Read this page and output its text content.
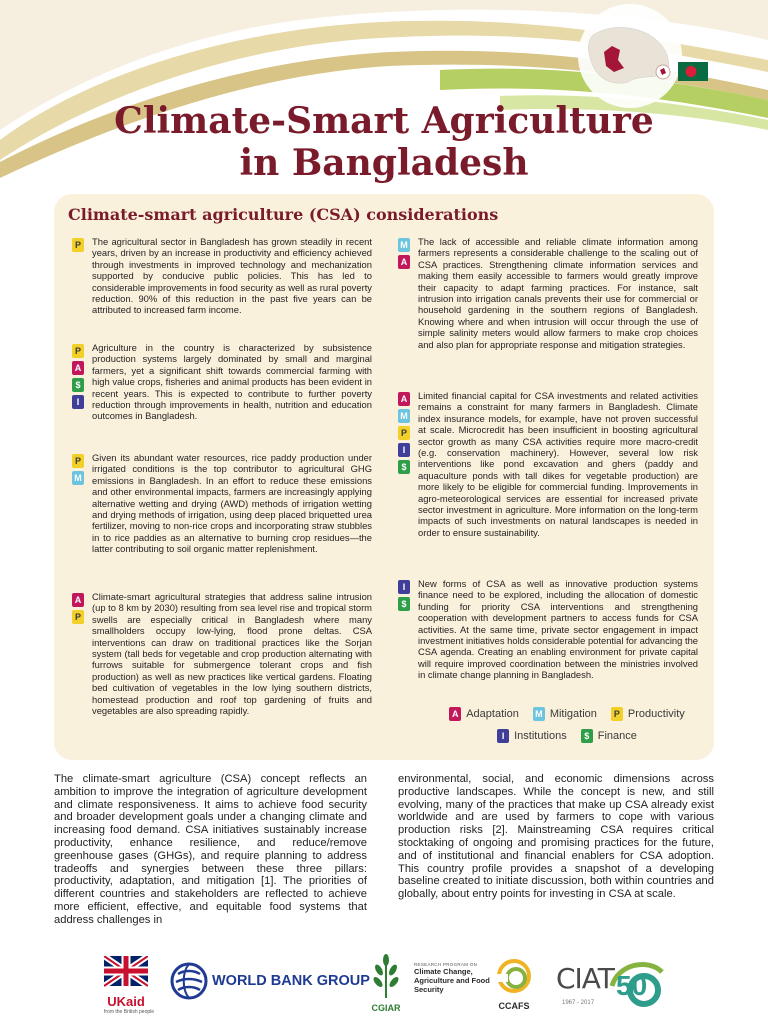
Climate-Smart Agriculture
in Bangladesh
Climate-smart agriculture (CSA) considerations
P	The agricultural sector in Bangladesh has grown steadily in recent years, driven by an increase in productivity and efficiency achieved through investments in improved technology and mechanization supported by conducive public policies. This has led to considerable improvements in food security as well as rural poverty reduction. 90% of this reduction in the past five years can be attributed to increased farm income.

P
A
$
I

Agriculture in the country is characterized by subsistence production systems largely dominated by small and marginal farmers, yet a significant shift towards commercial farming with high value crops, fisheries and animal products has been evident in recent years. This is expected to contribute to further poverty reduction through improvements in health, nutrition and education outcomes in Bangladesh.

P
M

Given its abundant water resources, rice paddy production under irrigated conditions is the top contributor to agricultural GHG emissions in Bangladesh. In an effort to reduce these emissions and other environmental impacts, farmers are increasingly applying alternative wetting and drying (AWD) methods of irrigation wetting and drying methods of irrigation, using deep placed briquetted urea fertilizer, moving to non-rice crops and incorporating straw stubbles in to rice paddies as an alternative to burning crop residues—the latter contributing to soil organic matter replenishment.

A
P

Climate-smart agricultural strategies that address saline intrusion (up to 8 km by 2030) resulting from sea level rise and tropical storm swells are especially critical in Bangladesh where many smallholders occupy low-lying, flood prone deltas. CSA interventions can draw on traditional practices like the Sorjan system (tall beds for vegetable and crop production alternating with furrows suitable for submergence tolerant crops and fish production) as well as new practices like vertical gardens. Floating bed cultivation of vegetables in the low lying southern districts, homestead production and roof top gardening of fruits and vegetables are also spreading rapidly.

M
A

The lack of accessible and reliable climate information among farmers represents a considerable challenge to the scaling out of CSA practices. Strengthening climate information services and making them easily accessible to farmers would greatly improve their capacity to adapt farming practices. For instance, salt intrusion into irrigation canals prevents their use for commercial or household gardening in the southern regions of Bangladesh. Knowing where and when intrusion will occur through the use of simple salinity meters would allow farmers to make crop choices and also plan for appropriate response and mitigation strategies.

A
M
P
I
$

Limited financial capital for CSA investments and related activities remains a constraint for many farmers in Bangladesh. Climate index insurance models, for example, have not proven successful at scale. Microcredit has been insufficient in boosting agricultural sector growth as many CSA activities require more macro-credit (e.g. conservation machinery). However, several low risk interventions like pond excavation and ghers (paddy and aquaculture ponds with tall dikes for vegetable production) are more likely to be eligible for commercial funding. Improvements in agro-meteorological services are essential for increased private sector investment in agriculture. More information on the long-term impacts of such investments on natural landscapes is needed in order to ensure sustainability.

I
$

New forms of CSA as well as innovative production systems finance need to be explored, including the allocation of domestic funding for priority CSA interventions and strengthening cooperation with development partners to access funds for CSA activities. At the same time, private sector engagement in impact investment initiatives holds considerable potential for advancing the CSA agenda. Creating an enabling environment for private capital will require improved coordination between the ministries involved in climate change planning in Bangladesh.

A Adaptation M Mitigation	P Productivity
I Institutions	$ Finance

The climate-smart agriculture (CSA) concept reflects an ambition to improve the integration of agriculture development and climate responsiveness. It aims to achieve food security and broader development goals under a changing climate and increasing food demand. CSA initiatives sustainably increase productivity, enhance resilience, and reduce/remove greenhouse gases (GHGs), and require planning to address tradeoffs and synergies between these three pillars: productivity, adaptation, and mitigation [1]. The priorities of different countries and stakeholders are reflected to achieve more efficient, effective, and equitable food systems that address challenges in

environmental, social, and economic dimensions across productive landscapes. While the concept is new, and still evolving, many of the practices that make up CSA already exist worldwide and are used by farmers to cope with various production risks [2]. Mainstreaming CSA requires critical stocktaking of ongoing and promising practices for the future, and of institutional and financial enablers for CSA adoption. This country profile provides a snapshot of a developing baseline created to initiate discussion, both within countries and globally, about entry points for investing in CSA at scale.

UKaid
from the British people
WORLD BANK GROUP
CGIAR
RESEARCH PROGRAM ON
Climate Change, Agriculture and Food Security
CCAFS
CIAT 50
1967 - 2017
